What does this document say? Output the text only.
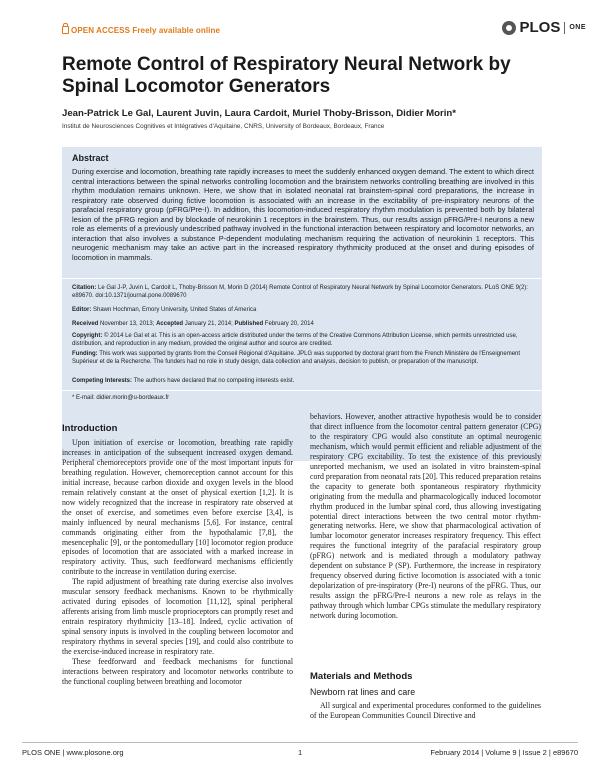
OPEN ACCESS Freely available online	PLOS ONE
Remote Control of Respiratory Neural Network by Spinal Locomotor Generators
Jean-Patrick Le Gal, Laurent Juvin, Laura Cardoit, Muriel Thoby-Brisson, Didier Morin*
Institut de Neurosciences Cognitives et Intégratives d'Aquitaine, CNRS, University of Bordeaux, Bordeaux, France
Abstract
During exercise and locomotion, breathing rate rapidly increases to meet the suddenly enhanced oxygen demand. The extent to which direct central interactions between the spinal networks controlling locomotion and the brainstem networks controlling breathing are involved in this rhythm modulation remains unknown. Here, we show that in isolated neonatal rat brainstem-spinal cord preparations, the increase in respiratory rate observed during fictive locomotion is associated with an increase in the excitability of pre-inspiratory neurons of the parafacial respiratory group (pFRG/Pre-I). In addition, this locomotion-induced respiratory rhythm modulation is prevented both by bilateral lesion of the pFRG region and by blockade of neurokinin 1 receptors in the brainstem. Thus, our results assign pFRG/Pre-I neurons a new role as elements of a previously undescribed pathway involved in the functional interaction between respiratory and locomotor networks, an interaction that also involves a substance P-dependent modulating mechanism requiring the activation of neurokinin 1 receptors. This neurogenic mechanism may take an active part in the increased respiratory rhythmicity produced at the onset and during episodes of locomotion in mammals.
Citation: Le Gal J-P, Juvin L, Cardoit L, Thoby-Brisson M, Morin D (2014) Remote Control of Respiratory Neural Network by Spinal Locomotor Generators. PLoS ONE 9(2): e89670. doi:10.1371/journal.pone.0089670
Editor: Shawn Hochman, Emory University, United States of America
Received November 13, 2013; Accepted January 21, 2014; Published February 20, 2014
Copyright: © 2014 Le Gal et al. This is an open-access article distributed under the terms of the Creative Commons Attribution License, which permits unrestricted use, distribution, and reproduction in any medium, provided the original author and source are credited.
Funding: This work was supported by grants from the Conseil Régional d'Aquitaine. JPLG was supported by doctoral grant from the French Ministère de l'Enseignement Supérieur et de la Recherche. The funders had no role in study design, data collection and analysis, decision to publish, or preparation of the manuscript.
Competing Interests: The authors have declared that no competing interests exist.
* E-mail: didier.morin@u-bordeaux.fr
Introduction

Upon initiation of exercise or locomotion, breathing rate rapidly increases in anticipation of the subsequent increased oxygen demand. Peripheral chemoreceptors provide one of the most important inputs for breathing regulation. However, chemoreception cannot account for this initial increase, because carbon dioxide and oxygen levels in the blood remain relatively constant at the onset of physical exertion [1,2]. It is now widely recognized that the increase in respiratory rate observed at the onset of exercise, and sometimes even before exercise [3,4], is mainly influenced by neural mechanisms [5,6]. For instance, central commands originating either from the hypothalamic [7,8], the mesencephalic [9], or the pontomedullary [10] locomotor region produce episodes of locomotion that are associated with a marked increase in respiratory activity. Thus, such feedforward mechanisms efficiently contribute to the increase in ventilation during exercise.

The rapid adjustment of breathing rate during exercise also involves muscular sensory feedback mechanisms. Known to be rhythmically activated during episodes of locomotion [11,12], spinal peripheral afferents arising from limb muscle proprioceptors can promptly reset and entrain respiratory rhythmicity [13–18]. Indeed, cyclic activation of spinal sensory inputs is involved in the coupling between locomotor and respiratory rhythms in several species [19], and could also contribute to the exercise-induced increase in respiratory rate.

These feedforward and feedback mechanisms for functional interactions between respiratory and locomotor networks contribute to the functional coupling between breathing and locomotor

behaviors. However, another attractive hypothesis would be to consider that direct influence from the locomotor central pattern generator (CPG) to the respiratory CPG would also constitute an optimal neurogenic mechanism, which would permit efficient and reliable adjustment of the respiratory CPG excitability. To test the existence of this previously unreported mechanism, we used an isolated in vitro brainstem-spinal cord preparation from neonatal rats [20]. This reduced preparation retains the capacity to generate both spontaneous respiratory rhythmicity originating from the medulla and pharmacologically induced locomotor rhythm produced in the lumbar spinal cord, thus allowing investigating potential direct interactions between the two central motor rhythm-generating networks. Here, we show that pharmacological activation of lumbar locomotor generator increases respiratory frequency. This effect requires the functional integrity of the parafacial respiratory group (pFRG) network and is mediated through a modulatory pathway dependent on substance P (SP). Furthermore, the increase in respiratory frequency observed during fictive locomotion is associated with a tonic depolarization of pre-inspiratory (Pre-I) neurons of the pFRG. Thus, our results assign the pFRG/Pre-I neurons a new role as relays in the pathway through which lumbar CPGs stimulate the medullary respiratory network during locomotion.

Materials and Methods
Newborn rat lines and care

All surgical and experimental procedures conformed to the guidelines of the European Communities Council Directive and

PLOS ONE | www.plosone.org	1	February 2014 | Volume 9 | Issue 2 | e89670
